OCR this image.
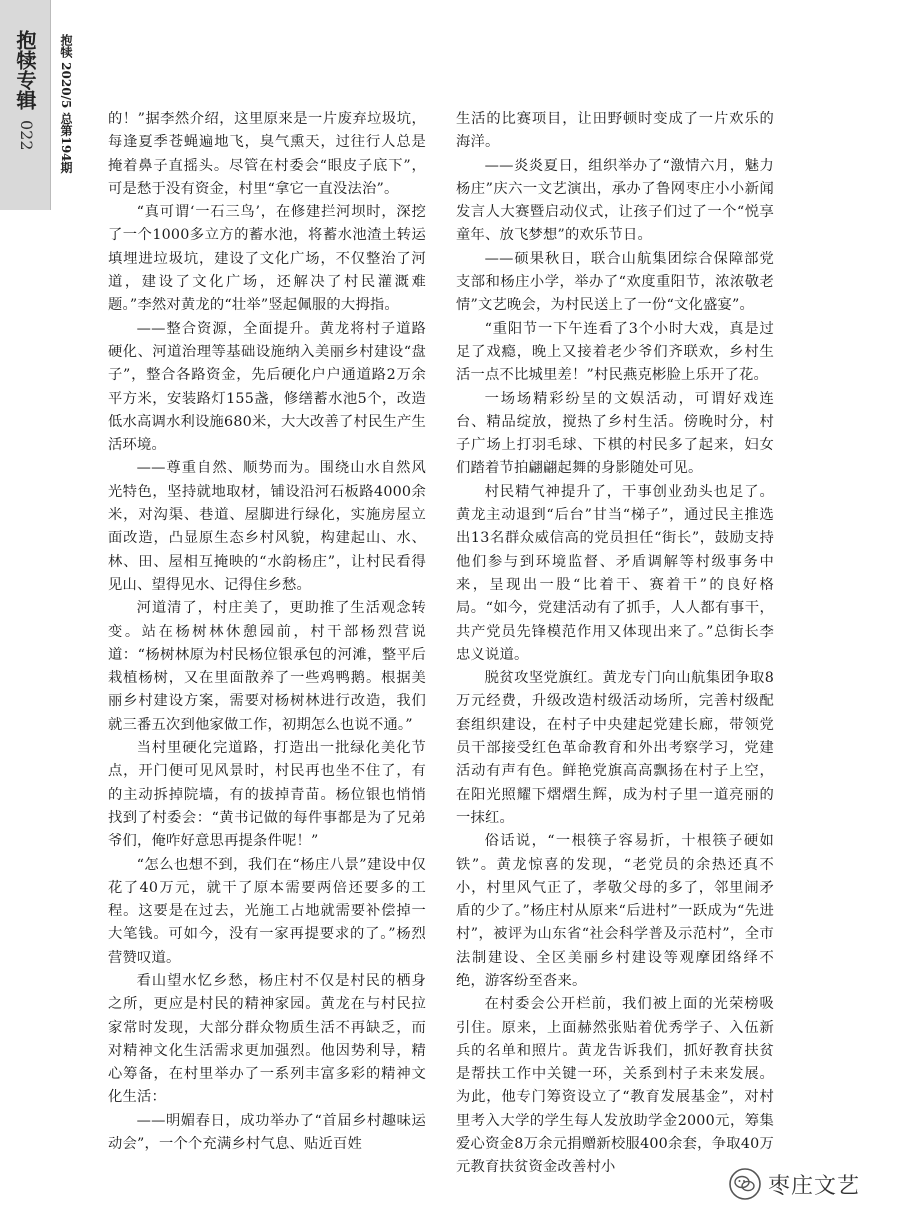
抱犊专辑
022 抱犊 2020/5 总第194期 的！”据李然介绍，这里原来是一片废弃垃圾坑，每逢夏季苍蝇遍地飞，臭气熏天，过往行人总是掩着鼻子直摇头。尽管在村委会“眼皮子底下”，可是愁于没有资金，村里“拿它一直没法治”。

“真可谓‘一石三鸟’，在修建拦河坝时，深挖了一个1000多立方的蓄水池，将蓄水池渣土转运填埋进垃圾坑，建设了文化广场，不仅整治了河道，建设了文化广场，还解决了村民灌溉难题。”李然对黄龙的“壮举”竖起佩服的大拇指。

——整合资源，全面提升。黄龙将村子道路硬化、河道治理等基础设施纳入美丽乡村建设“盘子”，整合各路资金，先后硬化户户通道路2万余平方米，安装路灯155盏，修缮蓄水池5个，改造低水高调水利设施680米，大大改善了村民生产生活环境。

——尊重自然、顺势而为。围绕山水自然风光特色，坚持就地取材，铺设沿河石板路4000余米，对沟渠、巷道、屋脚进行绿化，实施房屋立面改造，凸显原生态乡村风貌，构建起山、水、林、田、屋相互掩映的“水韵杨庄”，让村民看得见山、望得见水、记得住乡愁。

河道清了，村庄美了，更助推了生活观念转变。站在杨树林休憩园前，村干部杨烈营说道：“杨树林原为村民杨位银承包的河滩，整平后栽植杨树，又在里面散养了一些鸡鸭鹅。根据美丽乡村建设方案，需要对杨树林进行改造，我们就三番五次到他家做工作，初期怎么也说不通。”

当村里硬化完道路，打造出一批绿化美化节点，开门便可见风景时，村民再也坐不住了，有的主动拆掉院墙，有的拔掉青苗。杨位银也悄悄找到了村委会：“黄书记做的每件事都是为了兄弟爷们，俺咋好意思再提条件呢！”

“怎么也想不到，我们在“杨庄八景”建设中仅花了40万元，就干了原本需要两倍还要多的工程。这要是在过去，光施工占地就需要补偿掉一大笔钱。可如今，没有一家再提要求的了。”杨烈营赞叹道。

看山望水忆乡愁，杨庄村不仅是村民的栖身之所，更应是村民的精神家园。黄龙在与村民拉家常时发现，大部分群众物质生活不再缺乏，而对精神文化生活需求更加强烈。他因势利导，精心筹备，在村里举办了一系列丰富多彩的精神文化生活：

——明媚春日，成功举办了“首届乡村趣味运动会”，一个个充满乡村气息、贴近百姓

生活的比赛项目，让田野顿时变成了一片欢乐的海洋。

——炎炎夏日，组织举办了“激情六月，魅力杨庄”庆六一文艺演出，承办了鲁网枣庄小小新闻发言人大赛暨启动仪式，让孩子们过了一个“悦享童年、放飞梦想”的欢乐节日。

——硕果秋日，联合山航集团综合保障部党支部和杨庄小学，举办了“欢度重阳节，浓浓敬老情”文艺晚会，为村民送上了一份“文化盛宴”。

“重阳节一下午连看了3个小时大戏，真是过足了戏瘾，晚上又接着老少爷们齐联欢，乡村生活一点不比城里差！”村民燕克彬脸上乐开了花。

一场场精彩纷呈的文娱活动，可谓好戏连台、精品绽放，搅热了乡村生活。傍晚时分，村子广场上打羽毛球、下棋的村民多了起来，妇女们踏着节拍翩翩起舞的身影随处可见。

村民精气神提升了，干事创业劲头也足了。黄龙主动退到“后台”甘当“梯子”，通过民主推选出13名群众威信高的党员担任“街长”，鼓励支持他们参与到环境监督、矛盾调解等村级事务中来，呈现出一股“比着干、赛着干”的良好格局。“如今，党建活动有了抓手，人人都有事干，共产党员先锋模范作用又体现出来了。”总街长李忠义说道。

脱贫攻坚党旗红。黄龙专门向山航集团争取8万元经费，升级改造村级活动场所，完善村级配套组织建设，在村子中央建起党建长廊，带领党员干部接受红色革命教育和外出考察学习，党建活动有声有色。鲜艳党旗高高飘扬在村子上空，在阳光照耀下熠熠生辉，成为村子里一道亮丽的一抹红。

俗话说，“一根筷子容易折，十根筷子硬如铁”。黄龙惊喜的发现，“老党员的余热还真不小，村里风气正了，孝敬父母的多了，邻里闹矛盾的少了。”杨庄村从原来“后进村”一跃成为“先进村”，被评为山东省“社会科学普及示范村”，全市法制建设、全区美丽乡村建设等观摩团络绎不绝，游客纷至沓来。

在村委会公开栏前，我们被上面的光荣榜吸引住。原来，上面赫然张贴着优秀学子、入伍新兵的名单和照片。黄龙告诉我们，抓好教育扶贫是帮扶工作中关键一环，关系到村子未来发展。为此，他专门筹资设立了“教育发展基金”，对村里考入大学的学生每人发放助学金2000元，筹集爱心资金8万余元捐赠新校服400余套，争取40万元教育扶贫资金改善村小

枣庄文艺
